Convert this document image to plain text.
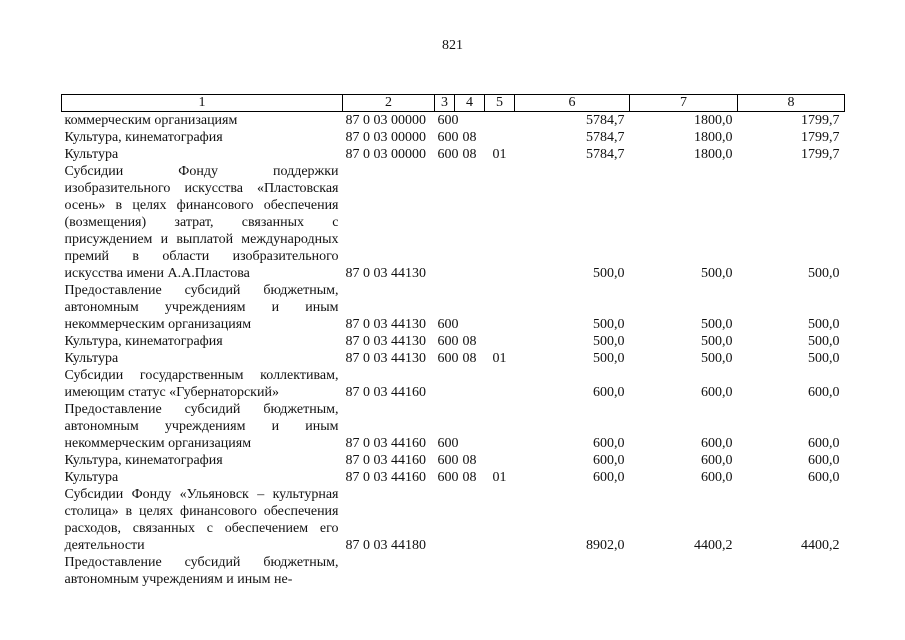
821
1	2	3	4	5	6	7	8
коммерческим организациям	87 0 03 00000	600			5784,7	1800,0	1799,7
Культура, кинематография	87 0 03 00000	600	08		5784,7	1800,0	1799,7
Культура	87 0 03 00000	600	08	01	5784,7	1800,0	1799,7
Субсидии Фонду поддержки изобразительного искусства «Пластовская осень» в целях финансового обеспечения (возмещения) затрат, связанных с присуждением и выплатой международных премий в области изобразительного искусства имени А.А.Пластова	87 0 03 44130				500,0	500,0	500,0
Предоставление субсидий бюджетным, автономным учреждениям и иным некоммерческим организациям	87 0 03 44130	600			500,0	500,0	500,0
Культура, кинематография	87 0 03 44130	600	08		500,0	500,0	500,0
Культура	87 0 03 44130	600	08	01	500,0	500,0	500,0
Субсидии государственным коллективам, имеющим статус «Губернаторский»	87 0 03 44160				600,0	600,0	600,0
Предоставление субсидий бюджетным, автономным учреждениям и иным некоммерческим организациям	87 0 03 44160	600			600,0	600,0	600,0
Культура, кинематография	87 0 03 44160	600	08		600,0	600,0	600,0
Культура	87 0 03 44160	600	08	01	600,0	600,0	600,0
Субсидии Фонду «Ульяновск – культурная столица» в целях финансового обеспечения расходов, связанных с обеспечением его деятельности	87 0 03 44180				8902,0	4400,2	4400,2
Предоставление субсидий бюджетным, автономным учреждениям и иным не-							
